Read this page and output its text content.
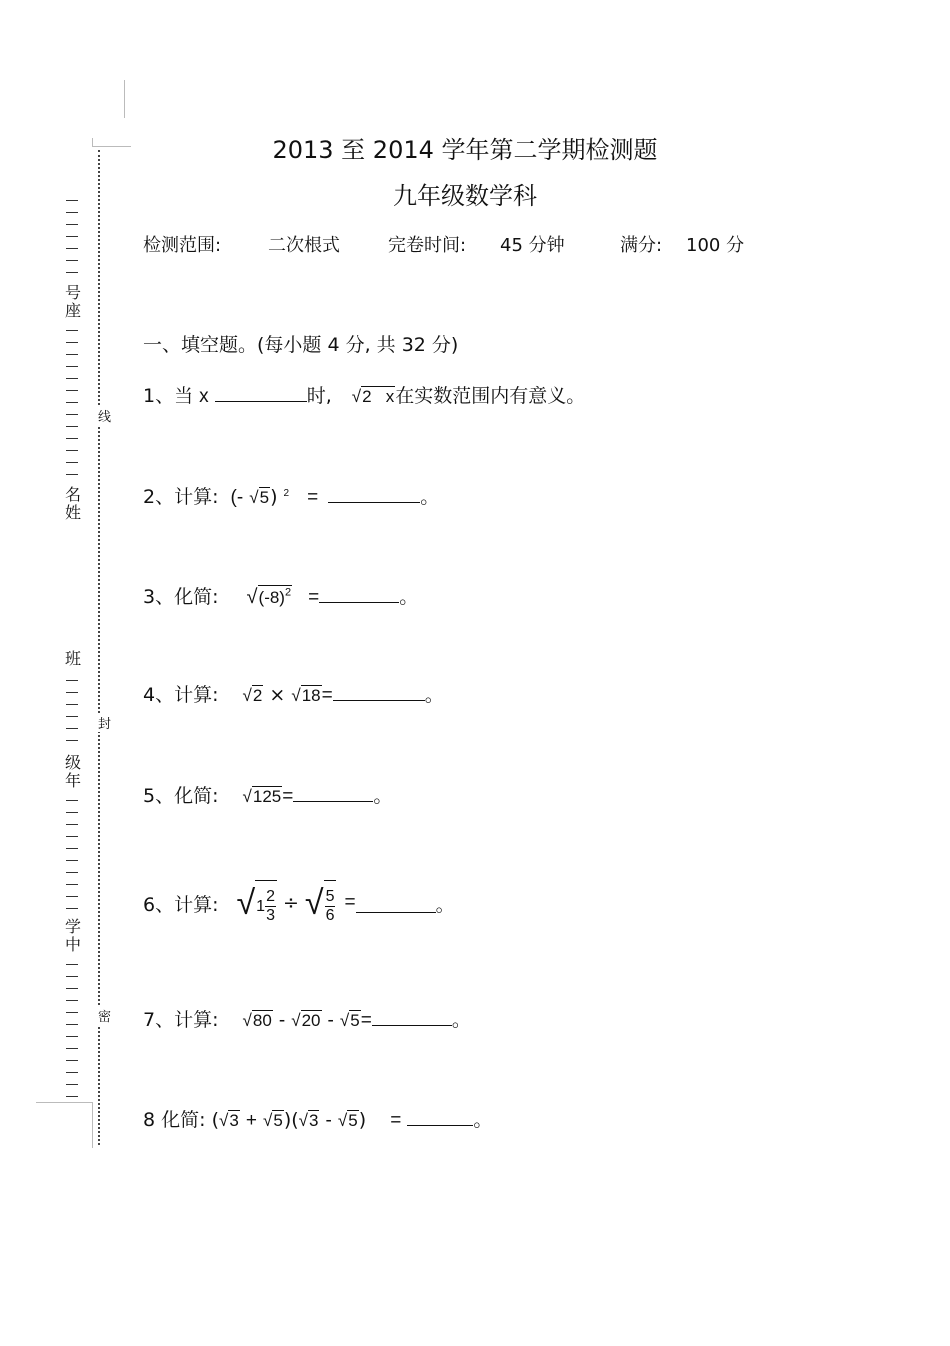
号座
名姓
班
级年
学中
线
封
密
2013 至 2014 学年第二学期检测题
九年级数学科
检测范围:	二次根式	完卷时间: 45 分钟	满分: 100 分
一、填空题。(每小题 4 分, 共 32 分)
1、当 x	时, √2 x在实数范围内有意义。
2、计算: (- √5) $^2$ =	。
3、化简: $√(-8)^2$ =	。
4、计算: √2 × √18=	。
5、化简: √125=	。
6、计算: √ $1 \frac{2}{3}$ ÷ √ $\frac{5}{6}$ =	。
7、计算: √80 - √20 - √5=	。
8 化简: (√3 + √5)(√3 - √5) =	。
